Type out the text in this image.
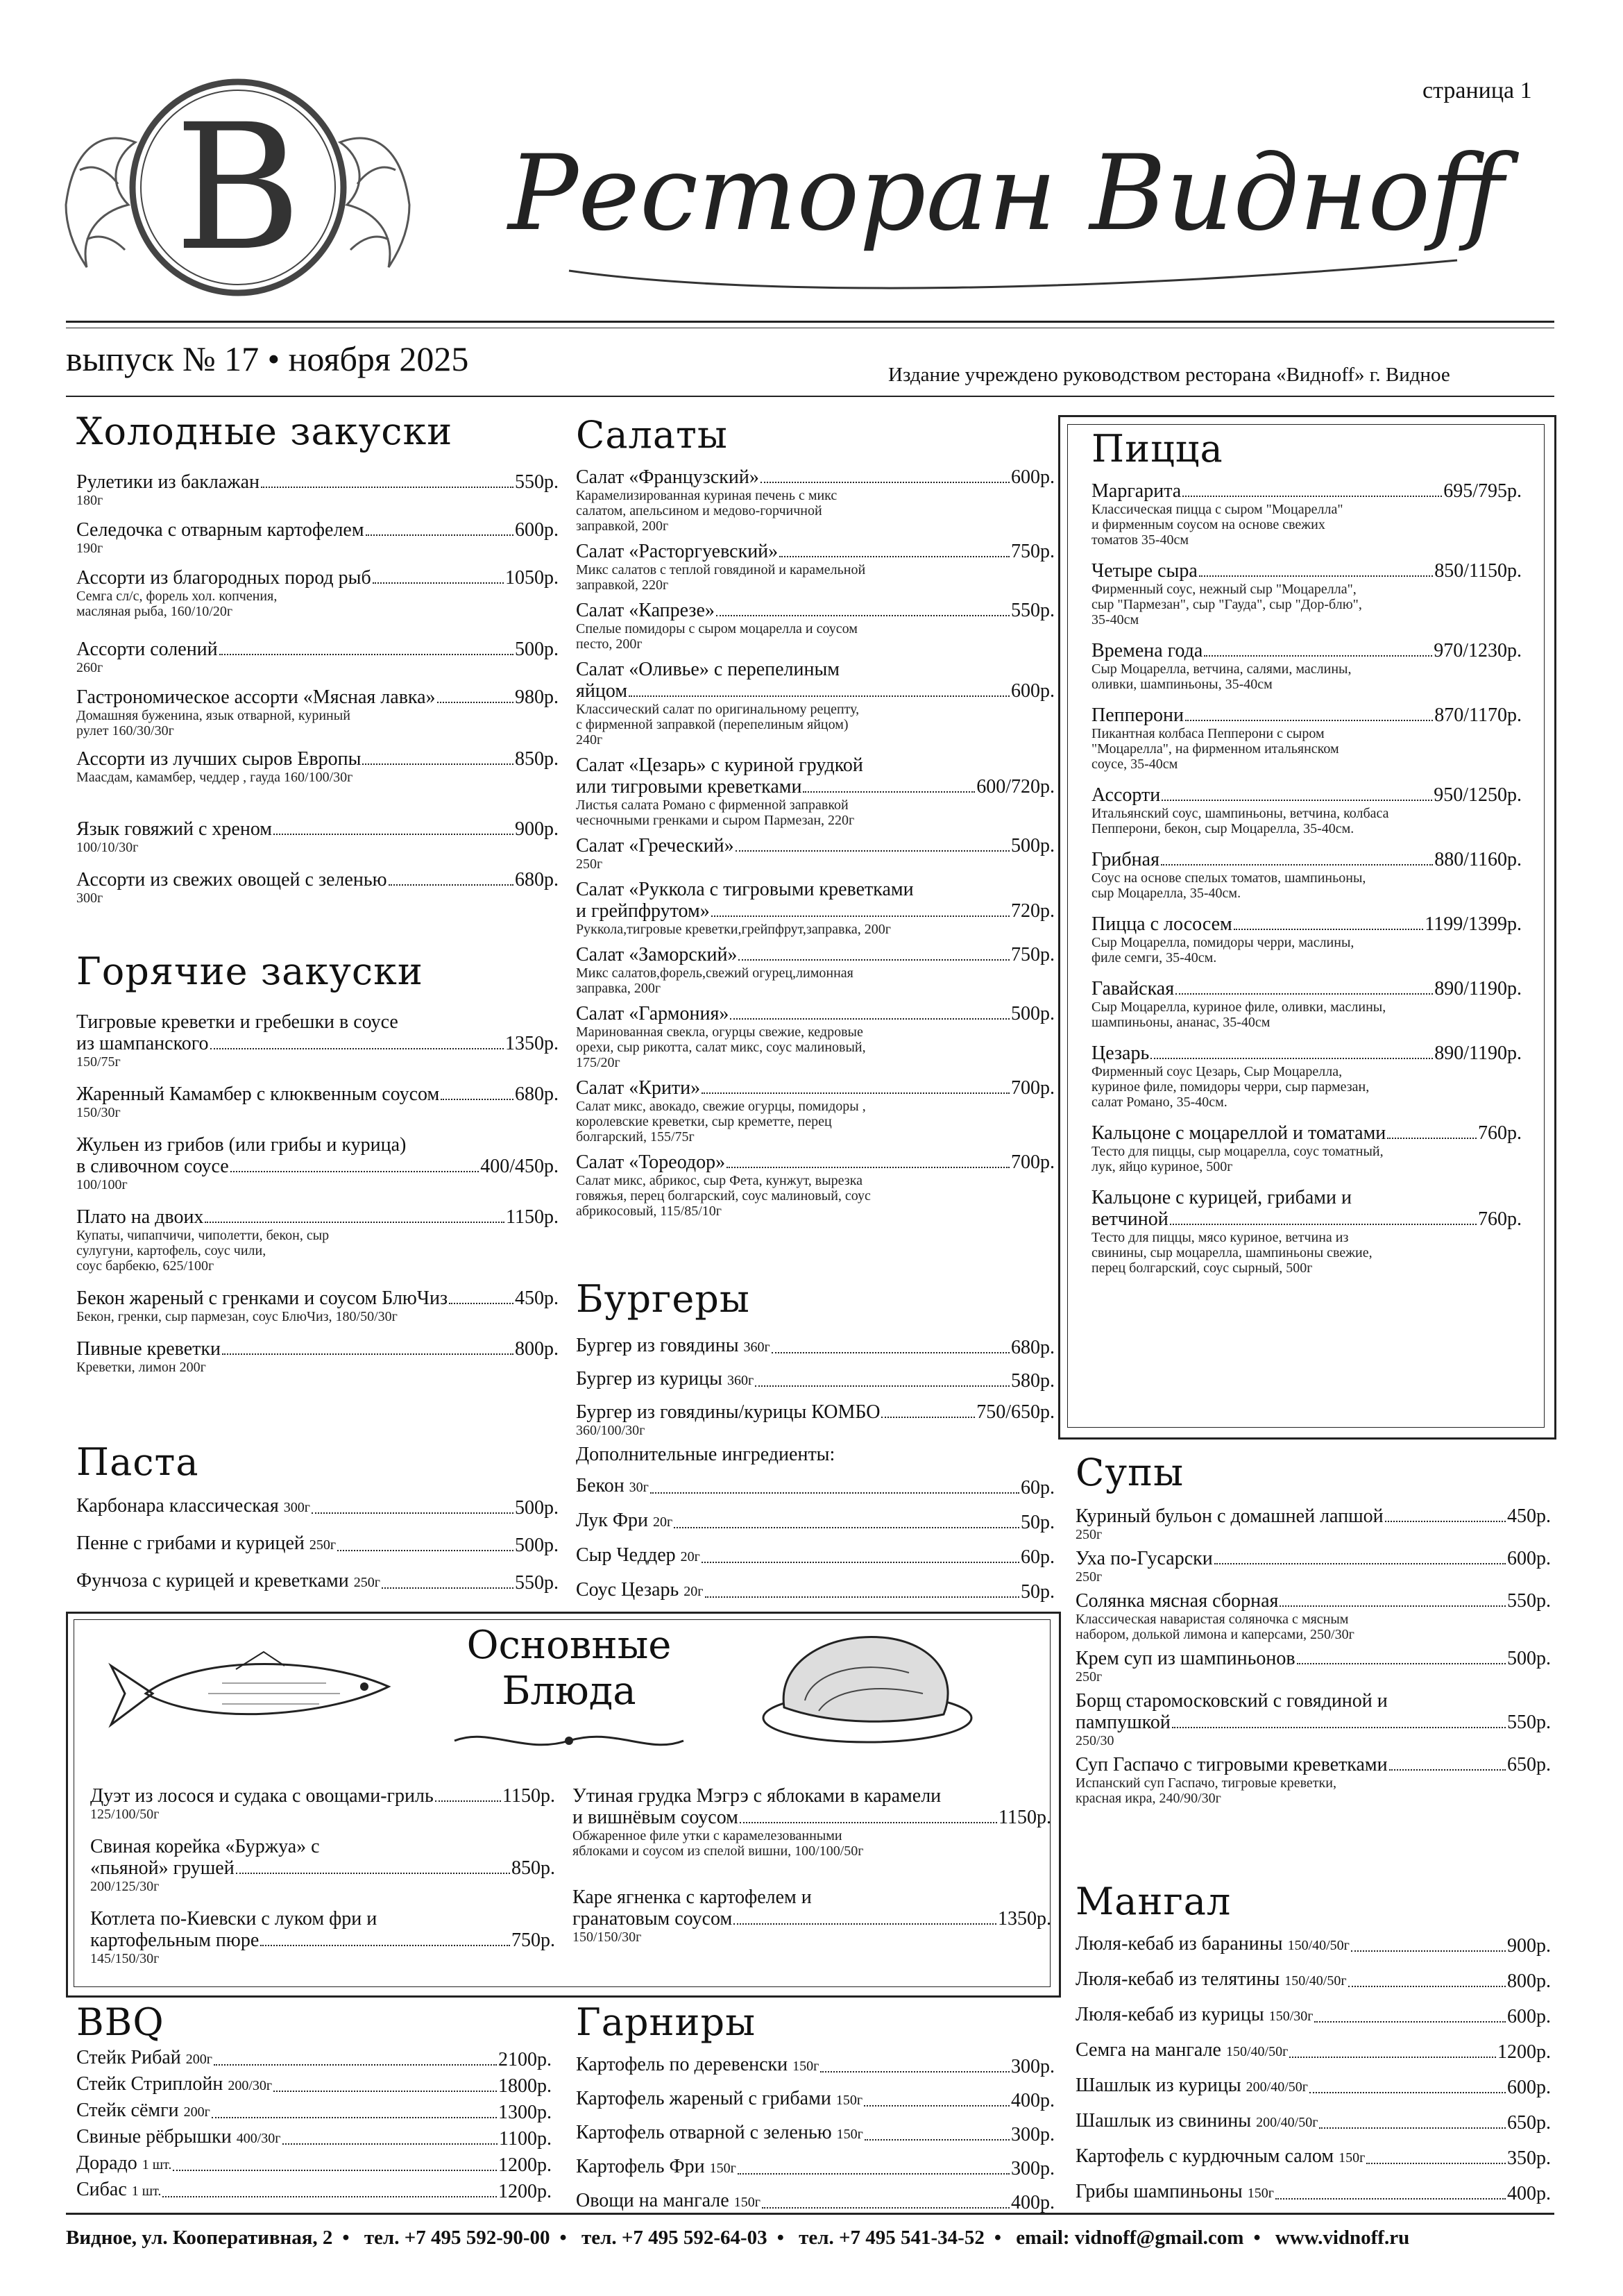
B	страница 1
Ресторан Видноff
выпуск № 17 • ноября 2025	Издание учреждено руководством ресторана «Видноff» г. Видное
Холодные закуски
Рулетики из баклажан	550р.
180г
Селедочка с отварным картофелем	600р.
190г
Ассорти из благородных пород рыб	1050р.
Семга сл/с, форель хол. копчения,
масляная рыба, 160/10/20г
Ассорти солений	500р.
260г
Гастрономическое ассорти «Мясная лавка»	980р.
Домашняя буженина, язык отварной, куриный
рулет 160/30/30г
Ассорти из лучших сыров Европы	850р.
Маасдам, камамбер, чеддер , гауда 160/100/30г
Язык говяжий с хреном	900р.
100/10/30г
Ассорти из свежих овощей с зеленью	680р.
300г
Горячие закуски
Тигровые креветки и гребешки в соусе
из шампанского	1350р.
150/75г
Жаренный Камамбер с клюквенным соусом	680р.
150/30г
Жульен из грибов (или грибы и курица)
в сливочном соусе	400/450р.
100/100г
Плато на двоих	1150р.
Купаты, чипапчичи, чиполетти, бекон, сыр
сулугуни, картофель, соус чили,
соус барбекю, 625/100г
Бекон жареный с гренками и соусом БлюЧиз	450р.
Бекон, гренки, сыр пармезан, соус БлюЧиз, 180/50/30г
Пивные креветки	800р.
Креветки, лимон 200г
Паста
Карбонара классическая 300г	500р.
Пенне с грибами и курицей 250г	500р.
Фунчоза с курицей и креветками 250г	550р.
Салаты
Салат «Французский»	600р.
Карамелизированная куриная печень с микс
салатом, апельсином и медово-горчичной
заправкой, 200г
Салат «Расторгуевский»	750р.
Микс салатов с теплой говядиной и карамельной
заправкой, 220г
Салат «Капрезе»	550р.
Спелые помидоры с сыром моцарелла и соусом
песто, 200г
Салат «Оливье» с перепелиным
яйцом	600р.
Классический салат по оригинальному рецепту,
с фирменной заправкой (перепелиным яйцом)
240г
Салат «Цезарь» с куриной грудкой
или тигровыми креветками	600/720р.
Листья салата Романо с фирменной заправкой
чесночными гренками и сыром Пармезан, 220г
Салат «Греческий»	500р.
250г
Салат «Руккола с тигровыми креветками
и грейпфрутом»	720р.
Руккола,тигровые креветки,грейпфрут,заправка, 200г
Салат «Заморский»	750р.
Микс салатов,форель,свежий огурец,лимонная
заправка, 200г
Салат «Гармония»	500р.
Маринованная свекла, огурцы свежие, кедровые
орехи, сыр рикотта, салат микс, соус малиновый,
175/20г
Салат «Крити»	700р.
Салат микс, авокадо, свежие огурцы, помидоры ,
королевские креветки, сыр креметте, перец
болгарский, 155/75г
Салат «Тореодор»	700р.
Салат микс, абрикос, сыр Фета, кунжут, вырезка
говяжья, перец болгарский, соус малиновый, соус
абрикосовый, 115/85/10г
Бургеры
Бургер из говядины 360г	680р.
Бургер из курицы 360г	580р.
Бургер из говядины/курицы КОМБО	750/650р.
360/100/30г
Дополнительные ингредиенты:
Бекон 30г	60р.
Лук Фри 20г	50р.
Сыр Чеддер 20г	60р.
Соус Цезарь 20г	50р.
Пицца
Маргарита	695/795р.
Классическая пицца с сыром "Моцарелла"
и фирменным соусом на основе свежих
томатов 35-40см
Четыре сыра	850/1150р.
Фирменный соус, нежный сыр "Моцарелла",
сыр "Пармезан", сыр "Гауда", сыр "Дор-блю",
35-40см
Времена года	970/1230р.
Сыр Моцарелла, ветчина, салями, маслины,
оливки, шампиньоны, 35-40см
Пепперони	870/1170р.
Пикантная колбаса Пепперони с сыром
"Моцарелла", на фирменном итальянском
соусе, 35-40см
Ассорти	950/1250р.
Итальянский соус, шампиньоны, ветчина, колбаса
Пепперони, бекон, сыр Моцарелла, 35-40см.
Грибная	880/1160р.
Соус на основе спелых томатов, шампиньоны,
сыр Моцарелла, 35-40см.
Пицца с лососем	1199/1399р.
Сыр Моцарелла, помидоры черри, маслины,
филе семги, 35-40см.
Гавайская	890/1190р.
Сыр Моцарелла, куриное филе, оливки, маслины,
шампиньоны, ананас, 35-40см
Цезарь	890/1190р.
Фирменный соус Цезарь, Сыр Моцарелла,
куриное филе, помидоры черри, сыр пармезан,
салат Романо, 35-40см.
Кальцоне с моцареллой и томатами	760р.
Тесто для пиццы, сыр моцарелла, соус томатный,
лук, яйцо куриное, 500г
Кальцоне с курицей, грибами и
ветчиной	760р.
Тесто для пиццы, мясо куриное, ветчина из
свинины, сыр моцарелла, шампиньоны свежие,
перец болгарский, соус сырный, 500г
Супы
Куриный бульон с домашней лапшой	450р.
250г
Уха по-Гусарски	600р.
250г
Солянка мясная сборная	550р.
Классическая наваристая соляночка с мясным
набором, долькой лимона и каперсами, 250/30г
Крем суп из шампиньонов	500р.
250г
Борщ старомосковский с говядиной и
пампушкой	550р.
250/30
Суп Гаспачо с тигровыми креветками	650р.
Испанский суп Гаспачо, тигровые креветки,
красная икра, 240/90/30г
Мангал
Люля-кебаб из баранины 150/40/50г	900р.
Люля-кебаб из телятины 150/40/50г	800р.
Люля-кебаб из курицы 150/30г	600р.
Семга на мангале 150/40/50г	1200р.
Шашлык из курицы 200/40/50г	600р.
Шашлык из свинины 200/40/50г	650р.
Картофель с курдючным салом 150г	350р.
Грибы шампиньоны 150г	400р.
Основные
Блюда
Дуэт из лосося и судака с овощами-гриль	1150р.
125/100/50г
Свиная корейка «Буржуа» с
«пьяной» грушей	850р.
200/125/30г
Котлета по-Киевски с луком фри и
картофельным пюре	750р.
145/150/30г
Утиная грудка Мэгрэ с яблоками в карамели
и вишнёвым соусом	1150р.
Обжаренное филе утки с карамелезованными
яблоками и соусом из спелой вишни, 100/100/50г
Каре ягненка с картофелем и
гранатовым соусом	1350р.
150/150/30г
BBQ
Стейк Рибай 200г	2100р.
Стейк Стриплойн 200/30г	1800р.
Стейк сёмги 200г	1300р.
Свиные рёбрышки 400/30г	1100р.
Дорадо 1 шт.	1200р.
Сибас 1 шт.	1200р.
Гарниры
Картофель по деревенски 150г	300р.
Картофель жареный с грибами 150г	400р.
Картофель отварной с зеленью 150г	300р.
Картофель Фри 150г	300р.
Овощи на мангале 150г	400р.
Видное, ул. Кооперативная, 2 • тел. +7 495 592-90-00 • тел. +7 495 592-64-03 • тел. +7 495 541-34-52 • email: vidnoff@gmail.com • www.vidnoff.ru
